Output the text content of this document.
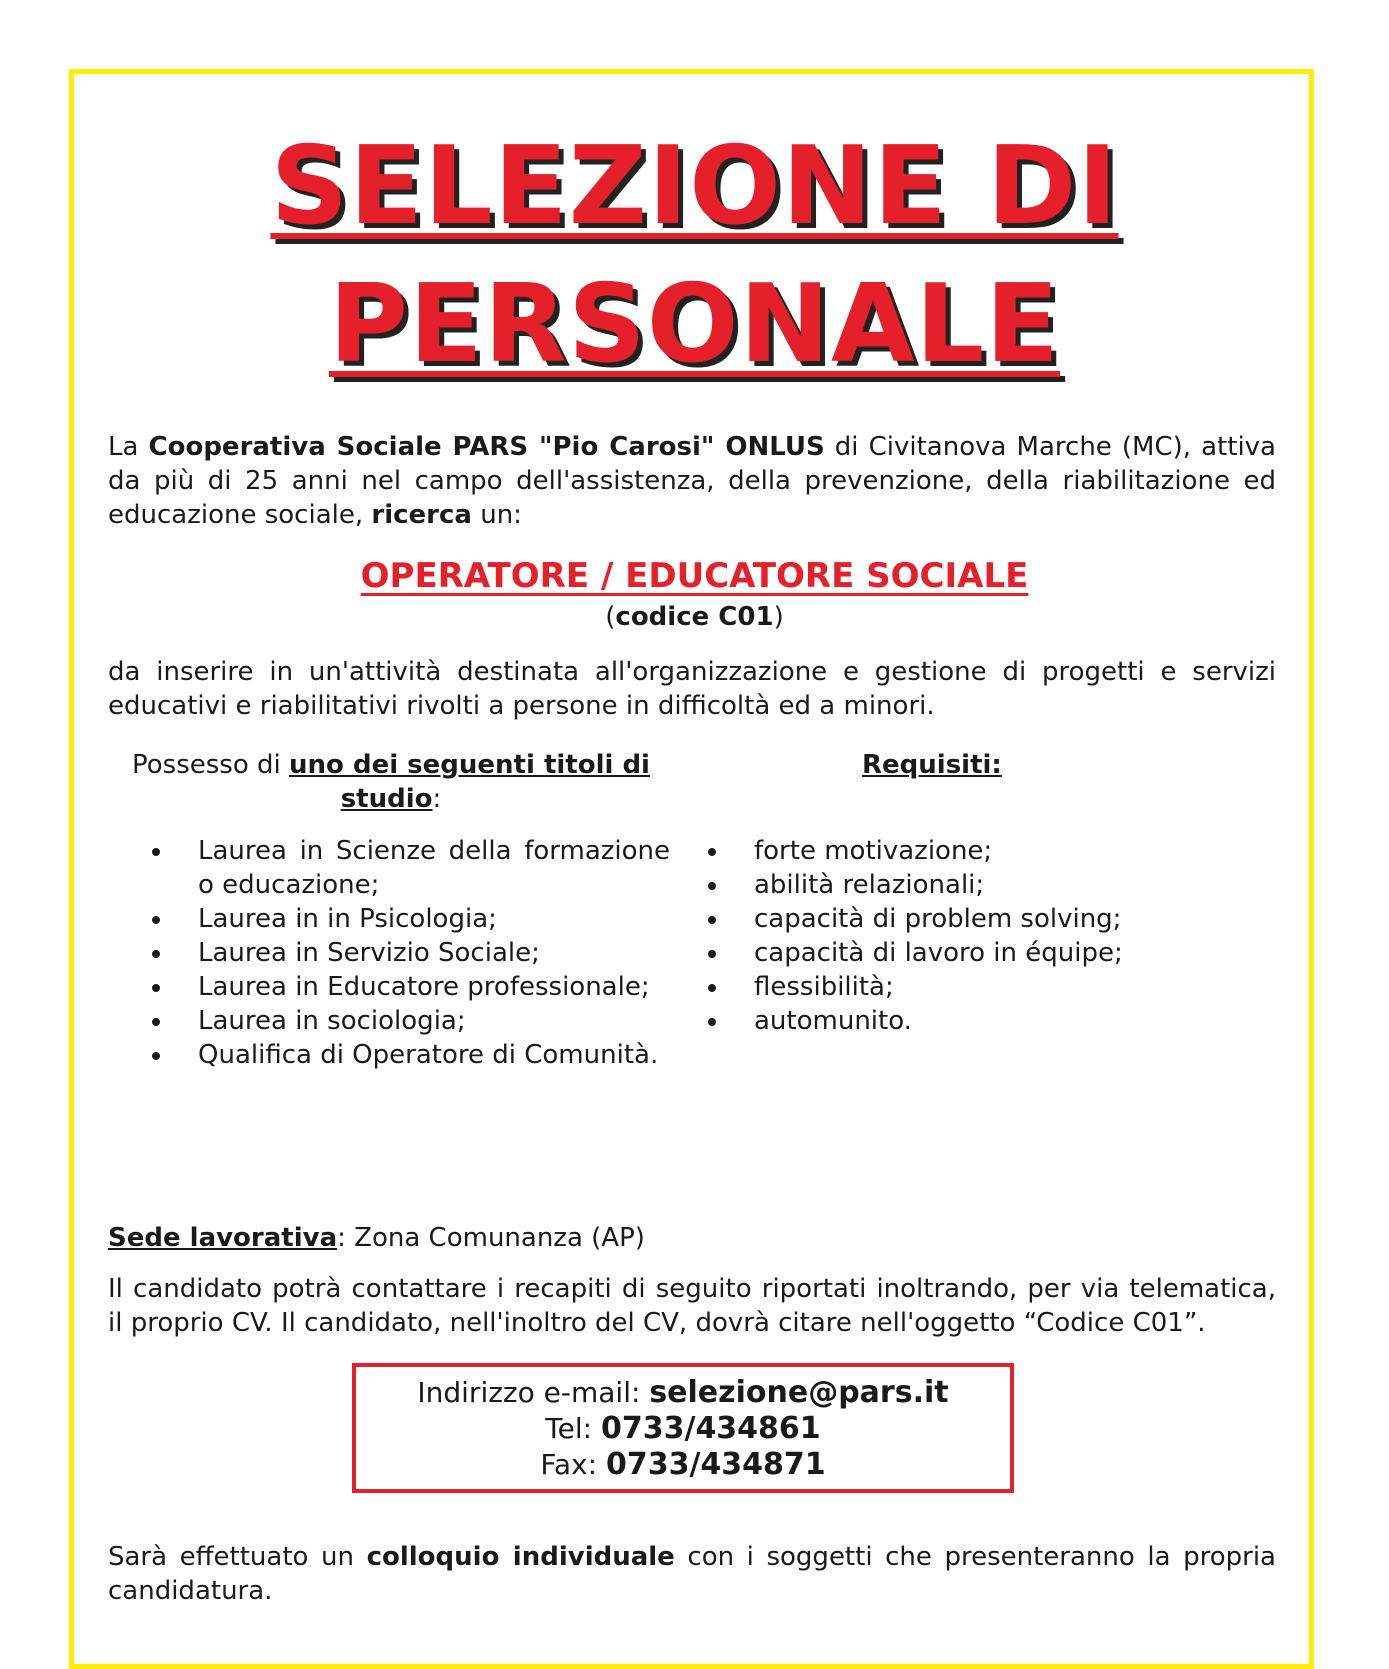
SELEZIONE DI
PERSONALE
La Cooperativa Sociale PARS "Pio Carosi" ONLUS di Civitanova Marche (MC), attiva da più di 25 anni nel campo dell'assistenza, della prevenzione, della riabilitazione ed educazione sociale, ricerca un:
OPERATORE / EDUCATORE SOCIALE
(codice C01)
da inserire in un'attività destinata all'organizzazione e gestione di progetti e servizi educativi e riabilitativi rivolti a persone in difficoltà ed a minori.
Possesso di uno dei seguenti titoli di studio:
Requisiti:
Laurea in Scienze della formazione o educazione;
Laurea in in Psicologia;
Laurea in Servizio Sociale;
Laurea in Educatore professionale;
Laurea in sociologia;
Qualifica di Operatore di Comunità.
forte motivazione;
abilità relazionali;
capacità di problem solving;
capacità di lavoro in équipe;
flessibilità;
automunito.
Sede lavorativa: Zona Comunanza (AP)
Il candidato potrà contattare i recapiti di seguito riportati inoltrando, per via telematica, il proprio CV. Il candidato, nell'inoltro del CV, dovrà citare nell'oggetto “Codice C01”.
Indirizzo e-mail: selezione@pars.it
Tel: 0733/434861
Fax: 0733/434871
Sarà effettuato un colloquio individuale con i soggetti che presenteranno la propria candidatura.
